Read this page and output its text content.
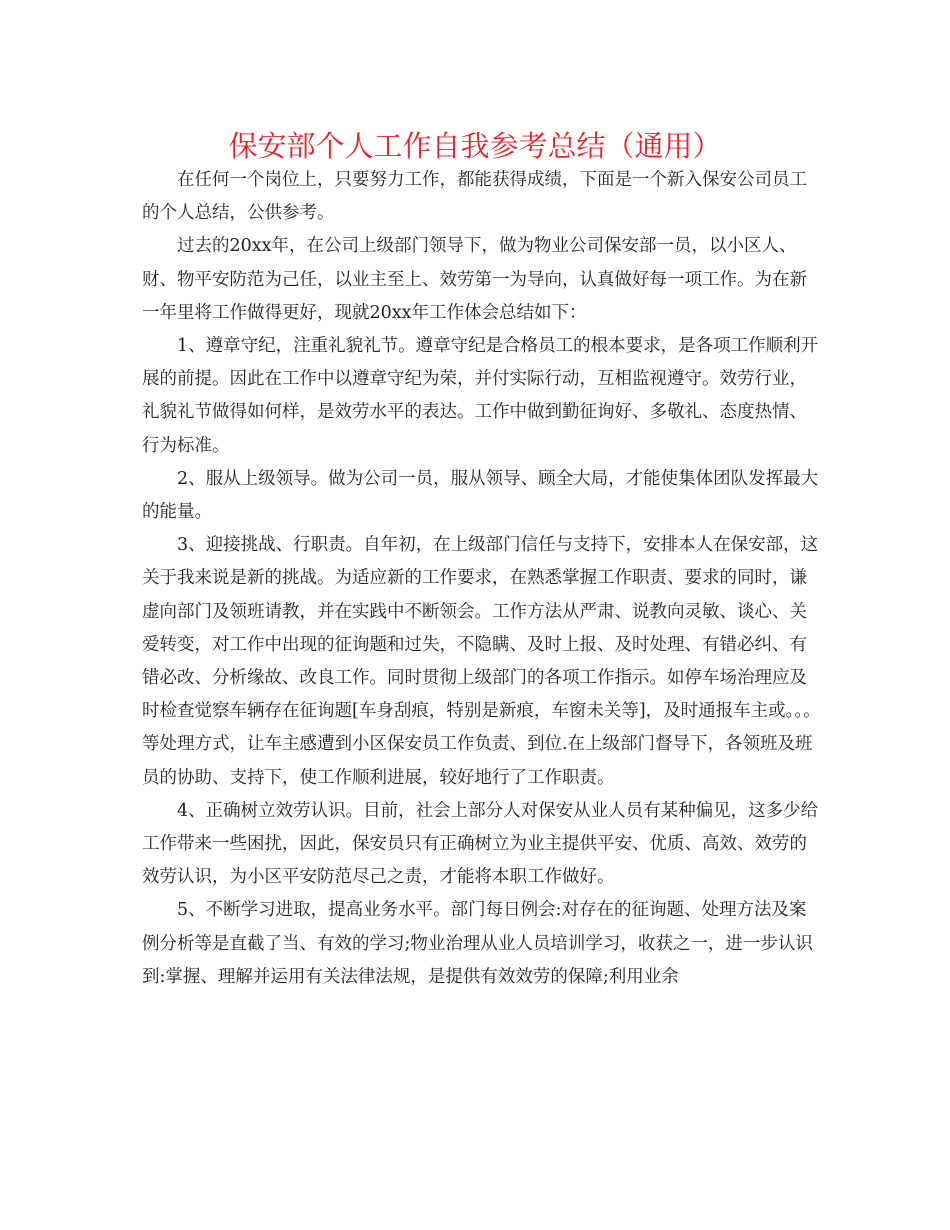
保安部个人工作自我参考总结（通用）

在任何一个岗位上，只要努力工作，都能获得成绩，下面是一个新入保安公司员工的个人总结，公供参考。

过去的20xx年，在公司上级部门领导下，做为物业公司保安部一员，以小区人、财、物平安防范为己任，以业主至上、效劳第一为导向，认真做好每一项工作。为在新一年里将工作做得更好，现就20xx年工作体会总结如下：

1、遵章守纪，注重礼貌礼节。遵章守纪是合格员工的根本要求，是各项工作顺利开展的前提。因此在工作中以遵章守纪为荣，并付实际行动，互相监视遵守。效劳行业，礼貌礼节做得如何样，是效劳水平的表达。工作中做到勤征询好、多敬礼、态度热情、行为标准。

2、服从上级领导。做为公司一员，服从领导、顾全大局，才能使集体团队发挥最大的能量。

3、迎接挑战、行职责。自年初，在上级部门信任与支持下，安排本人在保安部，这关于我来说是新的挑战。为适应新的工作要求，在熟悉掌握工作职责、要求的同时，谦虚向部门及领班请教，并在实践中不断领会。工作方法从严肃、说教向灵敏、谈心、关爱转变，对工作中出现的征询题和过失，不隐瞒、及时上报、及时处理、有错必纠、有错必改、分析缘故、改良工作。同时贯彻上级部门的各项工作指示。如停车场治理应及时检查觉察车辆存在征询题[车身刮痕，特别是新痕，车窗未关等]，及时通报车主或。。。等处理方式，让车主感遭到小区保安员工作负责、到位.在上级部门督导下，各领班及班员的协助、支持下，使工作顺利进展，较好地行了工作职责。

4、正确树立效劳认识。目前，社会上部分人对保安从业人员有某种偏见，这多少给工作带来一些困扰，因此，保安员只有正确树立为业主提供平安、优质、高效、效劳的效劳认识，为小区平安防范尽己之责，才能将本职工作做好。

5、不断学习进取，提高业务水平。部门每日例会:对存在的征询题、处理方法及案例分析等是直截了当、有效的学习;物业治理从业人员培训学习，收获之一，进一步认识到:掌握、理解并运用有关法律法规，是提供有效效劳的保障;利用业余
